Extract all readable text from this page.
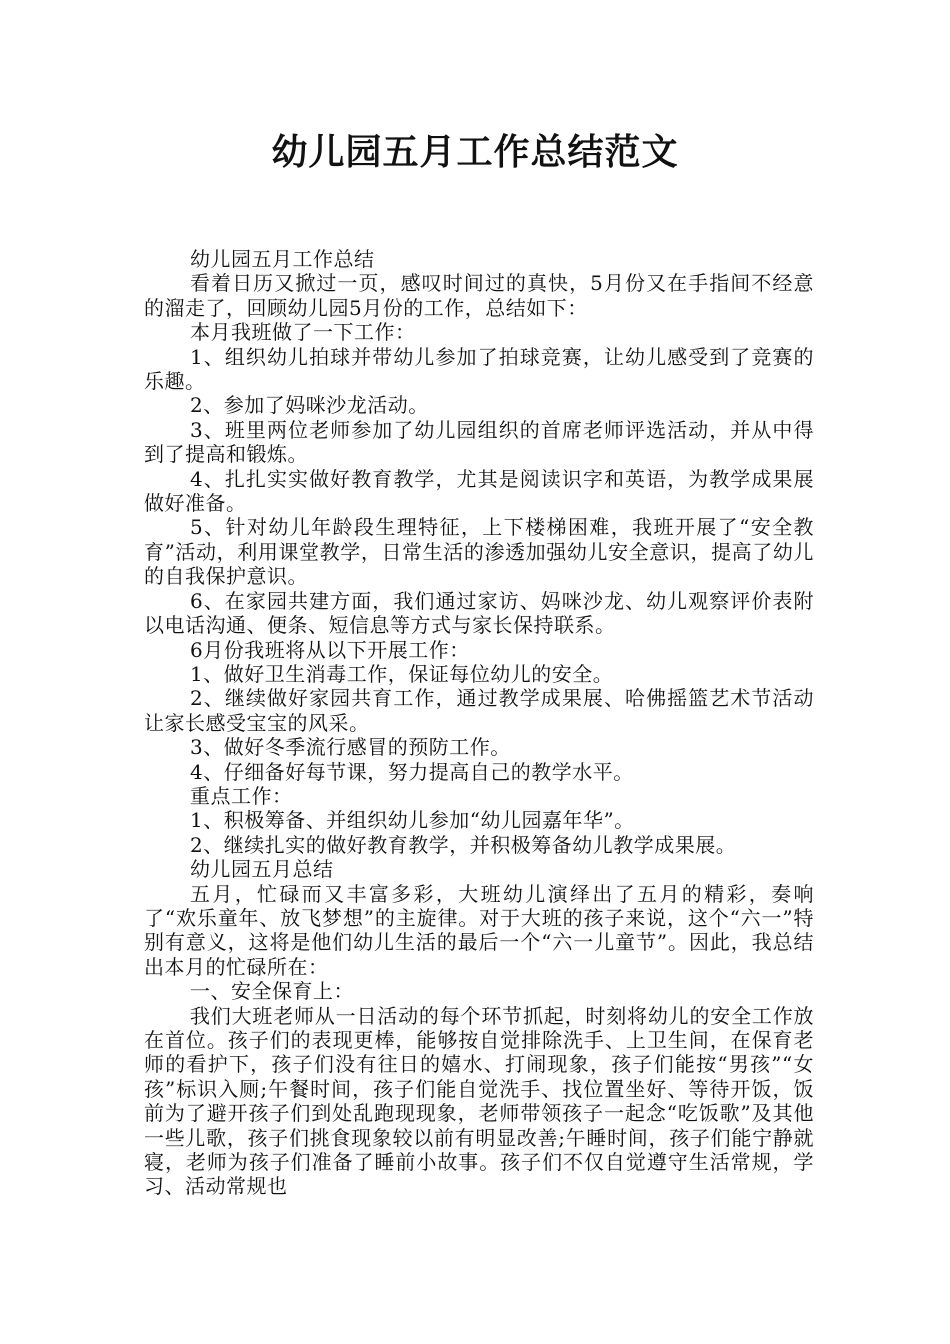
幼儿园五月工作总结范文

幼儿园五月工作总结

看着日历又掀过一页，感叹时间过的真快，5月份又在手指间不经意的溜走了，回顾幼儿园5月份的工作，总结如下：

本月我班做了一下工作：

1、组织幼儿拍球并带幼儿参加了拍球竞赛，让幼儿感受到了竞赛的乐趣。

2、参加了妈咪沙龙活动。

3、班里两位老师参加了幼儿园组织的首席老师评选活动，并从中得到了提高和锻炼。

4、扎扎实实做好教育教学，尤其是阅读识字和英语，为教学成果展做好准备。

5、针对幼儿年龄段生理特征，上下楼梯困难，我班开展了“安全教育”活动，利用课堂教学，日常生活的渗透加强幼儿安全意识，提高了幼儿的自我保护意识。

6、在家园共建方面，我们通过家访、妈咪沙龙、幼儿观察评价表附以电话沟通、便条、短信息等方式与家长保持联系。

6月份我班将从以下开展工作：

1、做好卫生消毒工作，保证每位幼儿的安全。

2、继续做好家园共育工作，通过教学成果展、哈佛摇篮艺术节活动让家长感受宝宝的风采。

3、做好冬季流行感冒的预防工作。

4、仔细备好每节课，努力提高自己的教学水平。

重点工作：

1、积极筹备、并组织幼儿参加“幼儿园嘉年华”。

2、继续扎实的做好教育教学，并积极筹备幼儿教学成果展。

幼儿园五月总结

五月，忙碌而又丰富多彩，大班幼儿演绎出了五月的精彩，奏响了“欢乐童年、放飞梦想”的主旋律。对于大班的孩子来说，这个“六一”特别有意义，这将是他们幼儿生活的最后一个“六一儿童节”。因此，我总结出本月的忙碌所在：

一、安全保育上：

我们大班老师从一日活动的每个环节抓起，时刻将幼儿的安全工作放在首位。孩子们的表现更棒，能够按自觉排除洗手、上卫生间，在保育老师的看护下，孩子们没有往日的嬉水、打闹现象，孩子们能按“男孩”“女孩”标识入厕;午餐时间，孩子们能自觉洗手、找位置坐好、等待开饭，饭前为了避开孩子们到处乱跑现现象，老师带领孩子一起念“吃饭歌”及其他一些儿歌，孩子们挑食现象较以前有明显改善;午睡时间，孩子们能宁静就寝，老师为孩子们准备了睡前小故事。孩子们不仅自觉遵守生活常规，学习、活动常规也
